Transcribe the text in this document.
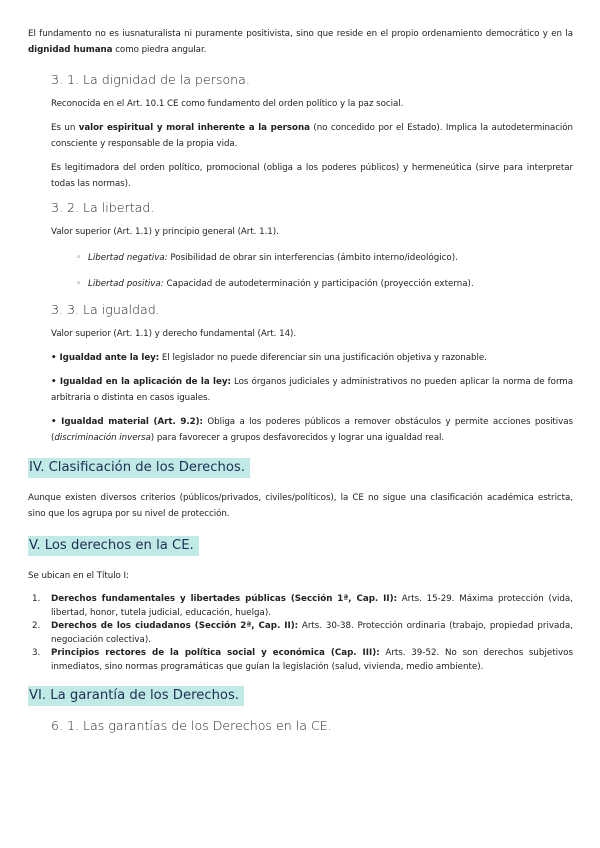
El fundamento no es iusnaturalista ni puramente positivista, sino que reside en el propio ordenamiento democrático y en la dignidad humana como piedra angular.

3. 1. La dignidad de la persona.

Reconocida en el Art. 10.1 CE como fundamento del orden político y la paz social.

Es un valor espiritual y moral inherente a la persona (no concedido por el Estado). Implica la autodeterminación consciente y responsable de la propia vida.

Es legitimadora del orden político, promocional (obliga a los poderes públicos) y hermeneútica (sirve para interpretar todas las normas).

3. 2. La libertad.

Valor superior (Art. 1.1) y principio general (Art. 1.1).

◦ Libertad negativa: Posibilidad de obrar sin interferencias (ámbito interno/ideológico).
◦ Libertad positiva: Capacidad de autodeterminación y participación (proyección externa).
3. 3. La igualdad.

Valor superior (Art. 1.1) y derecho fundamental (Art. 14).

• Igualdad ante la ley: El legislador no puede diferenciar sin una justificación objetiva y razonable.

• Igualdad en la aplicación de la ley: Los órganos judiciales y administrativos no pueden aplicar la norma de forma arbitraria o distinta en casos iguales.

• Igualdad material (Art. 9.2): Obliga a los poderes públicos a remover obstáculos y permite acciones positivas (discriminación inversa) para favorecer a grupos desfavorecidos y lograr una igualdad real.

IV. Clasificación de los Derechos.

Aunque existen diversos criterios (públicos/privados, civiles/políticos), la CE no sigue una clasificación académica estricta, sino que los agrupa por su nivel de protección.

V. Los derechos en la CE.

Se ubican en el Título I:

1. Derechos fundamentales y libertades públicas (Sección 1ª, Cap. II): Arts. 15-29. Máxima protección (vida, libertad, honor, tutela judicial, educación, huelga).
2. Derechos de los ciudadanos (Sección 2ª, Cap. II): Arts. 30-38. Protección ordinaria (trabajo, propiedad privada, negociación colectiva).
3. Principios rectores de la política social y económica (Cap. III): Arts. 39-52. No son derechos subjetivos inmediatos, sino normas programáticas que guían la legislación (salud, vivienda, medio ambiente).
VI. La garantía de los Derechos.
6. 1. Las garantías de los Derechos en la CE.
